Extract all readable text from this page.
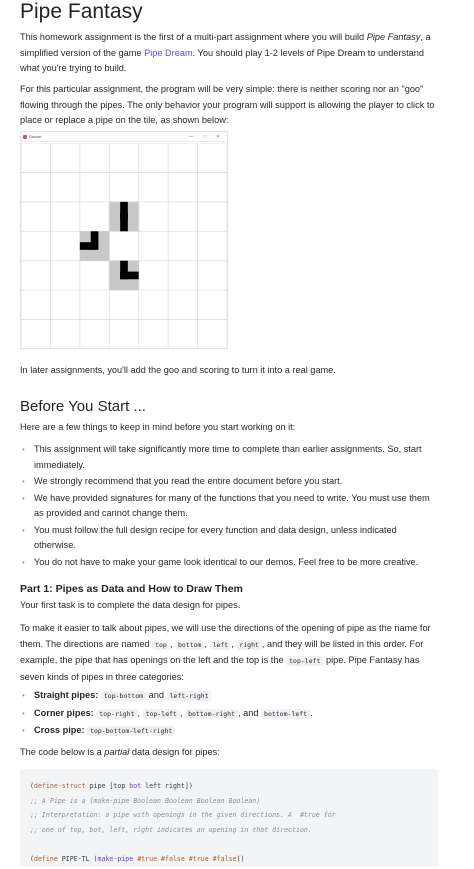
Pipe Fantasy

This homework assignment is the first of a multi-part assignment where you will build Pipe Fantasy, a simplified version of the game Pipe Dream. You should play 1-2 levels of Pipe Dream to understand what you're trying to build.

For this particular assignment, the program will be very simple: there is neither scoring nor an "goo" flowing through the pipes. The only behavior your program will support is allowing the player to click to place or replace a pipe on the tile, as shown below:

Racket	— □ ✕

In later assignments, you'll add the goo and scoring to turn it into a real game.

Before You Start ...

Here are a few things to keep in mind before you start working on it:

• This assignment will take significantly more time to complete than earlier assignments. So, start immediately.
• We strongly recommend that you read the entire document before you start.
• We have provided signatures for many of the functions that you need to write. You must use them as provided and cannot change them.
• You must follow the full design recipe for every function and data design, unless indicated otherwise.
• You do not have to make your game look identical to our demos. Feel free to be more creative.
Part 1: Pipes as Data and How to Draw Them

Your first task is to complete the data design for pipes.

To make it easier to talk about pipes, we will use the directions of the opening of pipe as the name for them. The directions are named top , bottom , left , right , and they will be listed in this order. For example, the pipe that has openings on the left and the top is the top-left pipe. Pipe Fantasy has seven kinds of pipes in three categories:

• Straight pipes: top-bottom and left-right
• Corner pipes: top-right , top-left , bottom-right , and bottom-left .
• Cross pipe: top-bottom-left-right

The code below is a partial data design for pipes:

(define-struct pipe [top bot left right])
;; A Pipe is a (make-pipe Boolean Boolean Boolean Boolean)
;; Interpretation: a pipe with openings in the given directions. A  #true for
;; one of top, bot, left, right indicates an opening in that direction.

(define PIPE-TL (make-pipe #true #false #true #false))
